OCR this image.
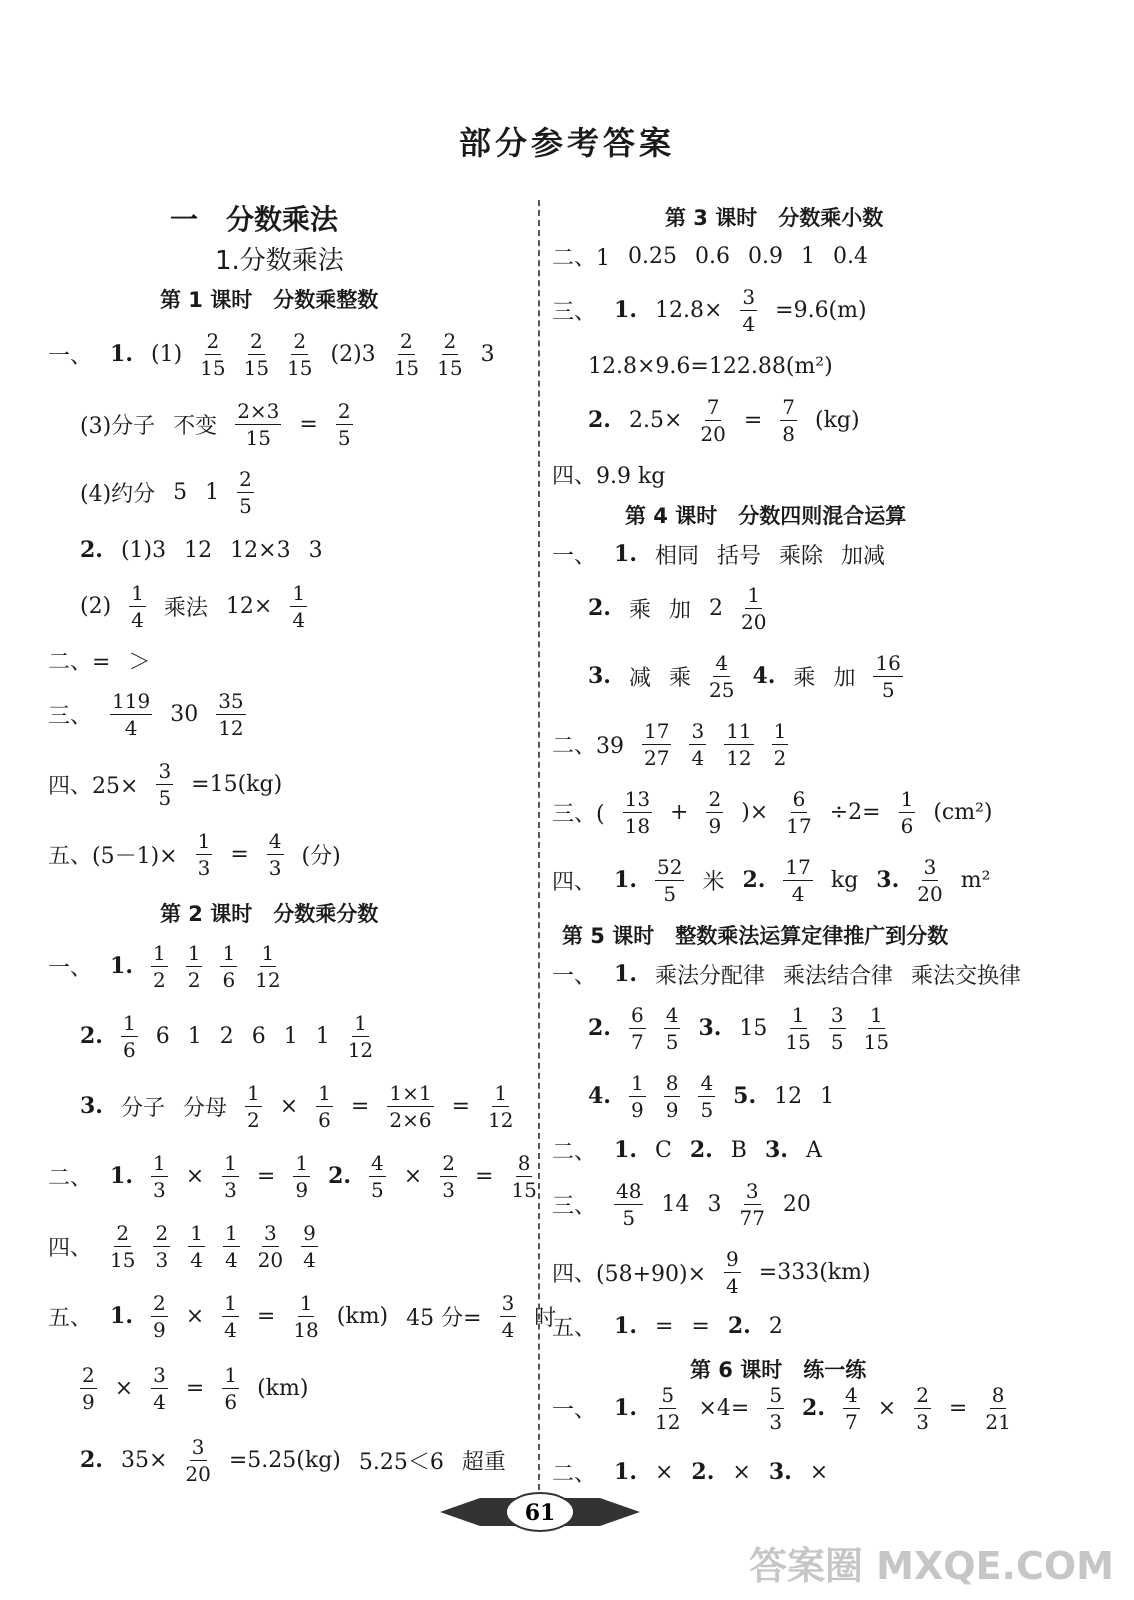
部分参考答案
一　分数乘法
1.分数乘法
第 1 课时　分数乘整数
一、 1. $(1) \frac{2}{15} \frac{2}{15} \frac{2}{15} (2)3 \frac{2}{15} \frac{2}{15} 3$
(3)分子 不变 $\frac{2\times 3}{15} = \frac{2}{5}$
(4)约分 5 $1 \frac{2}{5}$
2. (1)3 12 12×3 3
$(2) \frac{1}{4}$ 乘法 $12\times \frac{1}{4}$
二、= ＞
三、 $\frac{119}{4} 30 \frac{35}{12}$
四、$25\times \frac{3}{5} =15(kg)$
五、$(5-1)\times \frac{1}{3} = \frac{4}{3}$ (分)
第 2 课时　分数乘分数
一、 1. $\frac{1}{2} \frac{1}{2} \frac{1}{6} \frac{1}{12}$
2. $\frac{1}{6} 6$ 1 2 6 1 $1 \frac{1}{12}$
3. 分子 分母 $\frac{1}{2} \times \frac{1}{6} = \frac{1\times 1}{2\times 6} = \frac{1}{12}$
二、 1. $\frac{1}{3} \times \frac{1}{3} = \frac{1}{9} 2$. $\frac{4}{5} \times \frac{2}{3} = \frac{8}{15}$
四、 $\frac{2}{15} \frac{2}{3} \frac{1}{4} \frac{1}{4} \frac{3}{20} \frac{9}{4}$
五、 1. $\frac{2}{9} \times \frac{1}{4} = \frac{1}{18} (km)$ 45 分= $\frac{3}{4}$ 时
$\frac{2}{9} \times \frac{3}{4} = \frac{1}{6} (km)$
2. $35\times \frac{3}{20} =5.25(kg)$ 5.25＜6 超重
第 3 课时　分数乘小数
二、1 0.25 0.6 0.9 1 0.4
三、 1. $12.8\times \frac{3}{4} =9.6(m)$
12.8×9.6=122.88(m²)
2. $2.5\times \frac{7}{20} = \frac{7}{8} (kg)$
四、9.9 kg
第 4 课时　分数四则混合运算
一、 1. 相同 括号 乘除 加减
2. 乘 加 $2 \frac{1}{20}$
3. 减 乘 $\frac{4}{25} 4$. 乘 加 $\frac{16}{5}$
二、$39 \frac{17}{27} \frac{3}{4} \frac{11}{12} \frac{1}{2}$
三、( $\frac{13}{18} + \frac{2}{9}$ )× $\frac{6}{17} \div 2= \frac{1}{6} (cm^2)$
四、 1. $\frac{52}{5}$ 米 2. $\frac{17}{4}$ kg 3. $\frac{3}{20} m^2$
第 5 课时　整数乘法运算定律推广到分数
一、 1. 乘法分配律 乘法结合律 乘法交换律
2. $\frac{6}{7} \frac{4}{5} 3$. $15 \frac{1}{15} \frac{3}{5} \frac{1}{15}$
4. $\frac{1}{9} \frac{8}{9} \frac{4}{5} 5$. 12 1
二、 1. C 2. B 3. A
三、 $\frac{48}{5} 14$ $3 \frac{3}{77} 20$
四、$(58+90)\times \frac{9}{4} =333(km)$
五、 1. = = 2. 2
第 6 课时　练一练
一、 1. $\frac{5}{12} \times 4= \frac{5}{3} 2$. $\frac{4}{7} \times \frac{2}{3} = \frac{8}{21}$
二、 1. × 2. × 3. ×
61
答案圈 MXQE.COM
